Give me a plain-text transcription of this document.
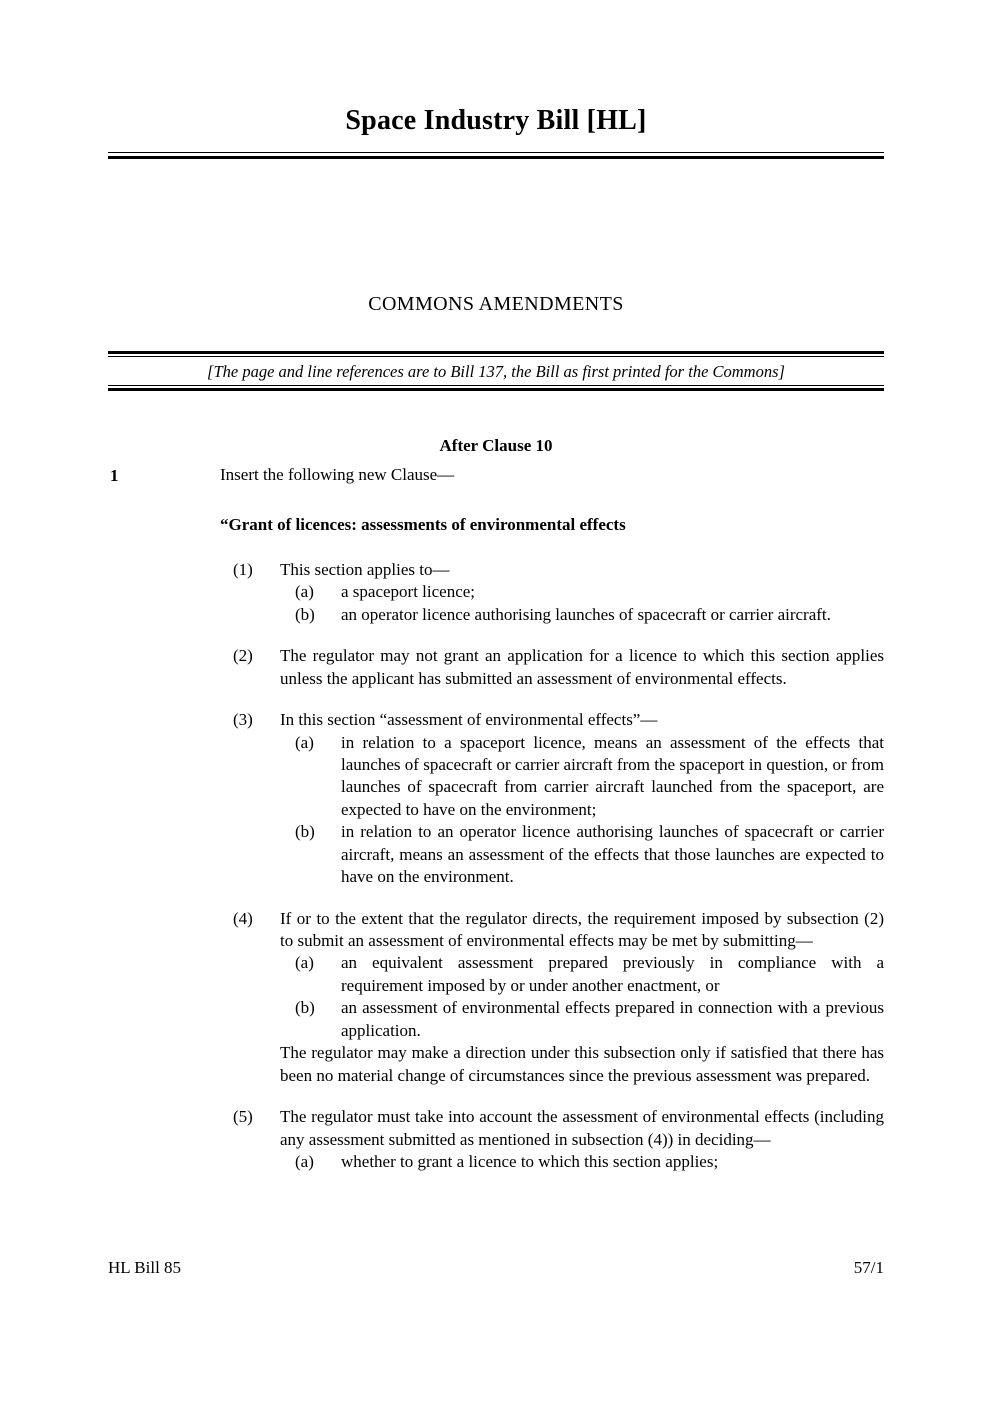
Space Industry Bill [HL]
COMMONS AMENDMENTS
[The page and line references are to Bill 137, the Bill as first printed for the Commons]
After Clause 10
1	Insert the following new Clause—

“Grant of licences: assessments of environmental effects

(1)	This section applies to—
(a)	a spaceport licence;
(b)	an operator licence authorising launches of spacecraft or carrier aircraft.
(2)	The regulator may not grant an application for a licence to which this section applies unless the applicant has submitted an assessment of environmental effects.
(3)	In this section “assessment of environmental effects”—
(a)	in relation to a spaceport licence, means an assessment of the effects that launches of spacecraft or carrier aircraft from the spaceport in question, or from launches of spacecraft from carrier aircraft launched from the spaceport, are expected to have on the environment;
(b)	in relation to an operator licence authorising launches of spacecraft or carrier aircraft, means an assessment of the effects that those launches are expected to have on the environment.
(4)	If or to the extent that the regulator directs, the requirement imposed by subsection (2) to submit an assessment of environmental effects may be met by submitting—
(a)	an equivalent assessment prepared previously in compliance with a requirement imposed by or under another enactment, or
(b)	an assessment of environmental effects prepared in connection with a previous application.
The regulator may make a direction under this subsection only if satisfied that there has been no material change of circumstances since the previous assessment was prepared.
(5)	The regulator must take into account the assessment of environmental effects (including any assessment submitted as mentioned in subsection (4)) in deciding—
(a)	whether to grant a licence to which this section applies;
HL Bill 85	57/1
